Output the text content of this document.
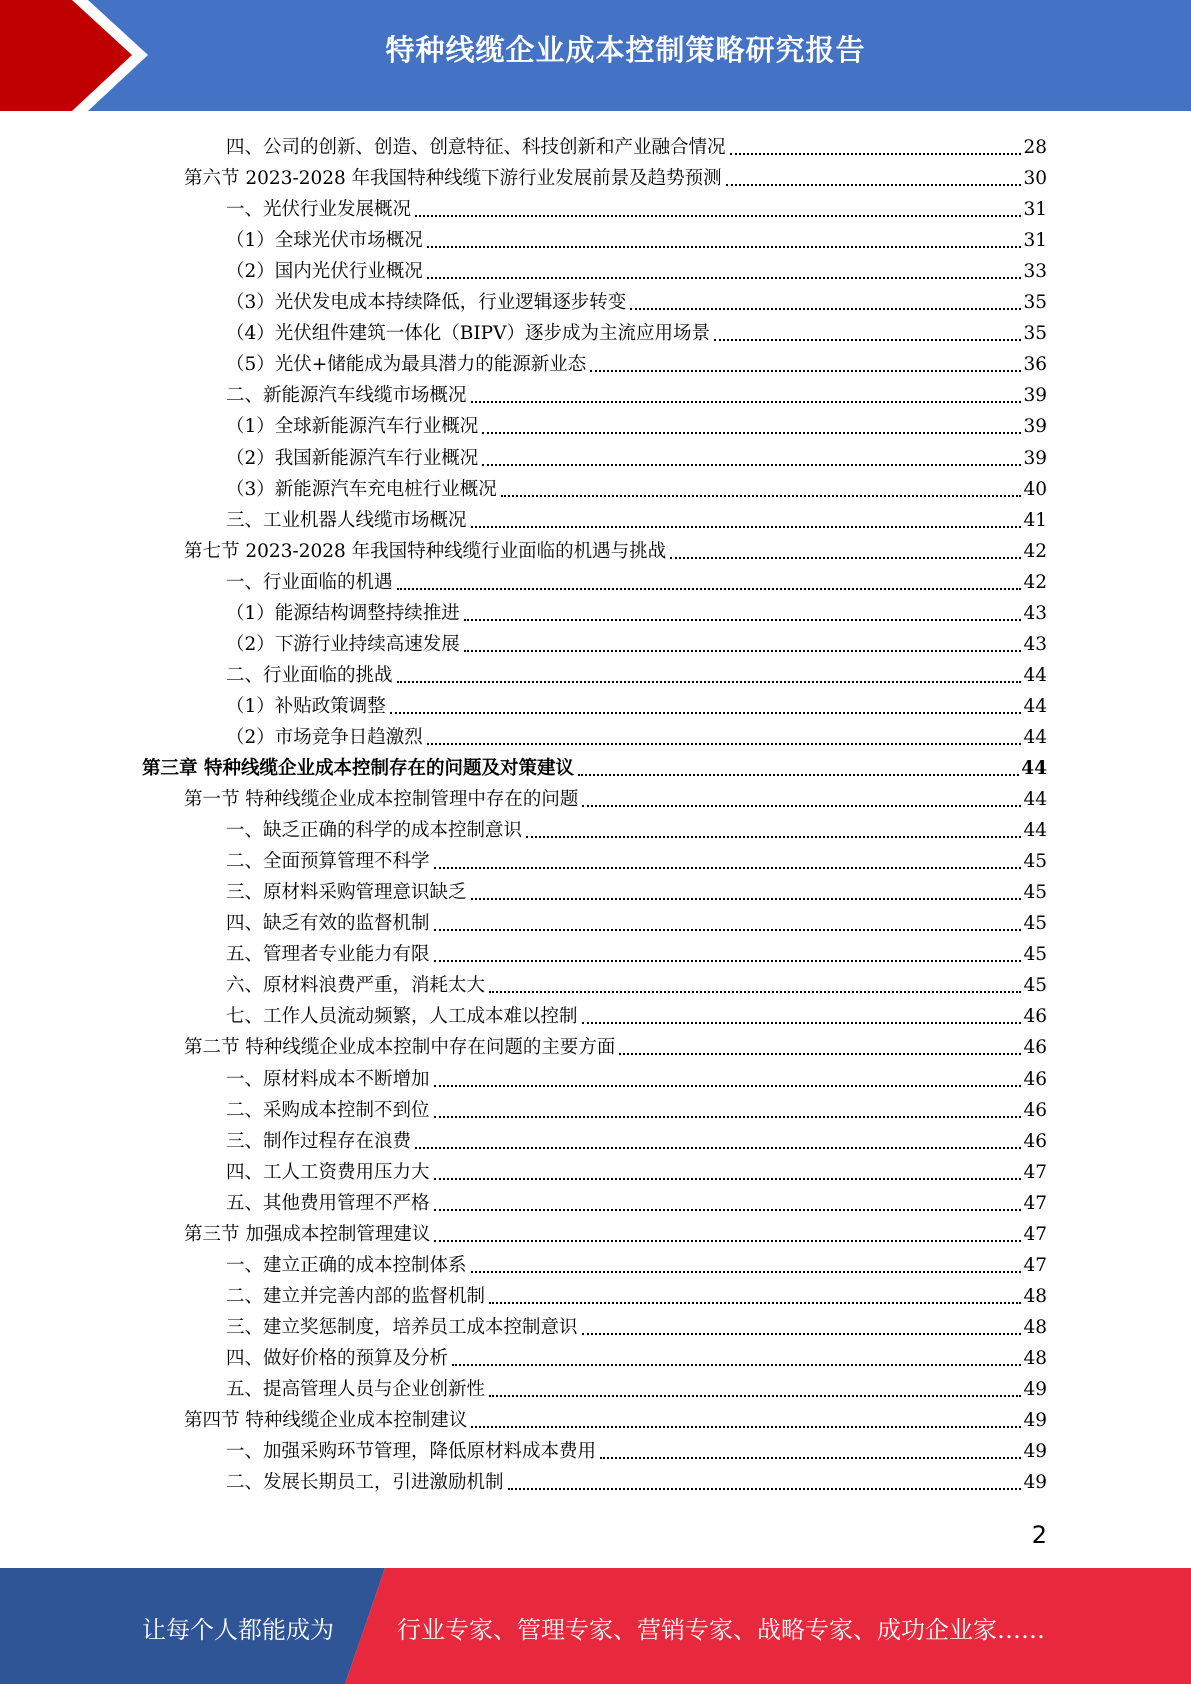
特种线缆企业成本控制策略研究报告
四、公司的创新、创造、创意特征、科技创新和产业融合情况	28
第六节 2023-2028 年我国特种线缆下游行业发展前景及趋势预测	30
一、光伏行业发展概况	31
（1）全球光伏市场概况	31
（2）国内光伏行业概况	33
（3）光伏发电成本持续降低，行业逻辑逐步转变	35
（4）光伏组件建筑一体化（BIPV）逐步成为主流应用场景	35
（5）光伏+储能成为最具潜力的能源新业态	36
二、新能源汽车线缆市场概况	39
（1）全球新能源汽车行业概况	39
（2）我国新能源汽车行业概况	39
（3）新能源汽车充电桩行业概况	40
三、工业机器人线缆市场概况	41
第七节 2023-2028 年我国特种线缆行业面临的机遇与挑战	42
一、行业面临的机遇	42
（1）能源结构调整持续推进	43
（2）下游行业持续高速发展	43
二、行业面临的挑战	44
（1）补贴政策调整	44
（2）市场竞争日趋激烈	44
第三章 特种线缆企业成本控制存在的问题及对策建议	44
第一节 特种线缆企业成本控制管理中存在的问题	44
一、缺乏正确的科学的成本控制意识	44
二、全面预算管理不科学	45
三、原材料采购管理意识缺乏	45
四、缺乏有效的监督机制	45
五、管理者专业能力有限	45
六、原材料浪费严重，消耗太大	45
七、工作人员流动频繁，人工成本难以控制	46
第二节 特种线缆企业成本控制中存在问题的主要方面	46
一、原材料成本不断增加	46
二、采购成本控制不到位	46
三、制作过程存在浪费	46
四、工人工资费用压力大	47
五、其他费用管理不严格	47
第三节 加强成本控制管理建议	47
一、建立正确的成本控制体系	47
二、建立并完善内部的监督机制	48
三、建立奖惩制度，培养员工成本控制意识	48
四、做好价格的预算及分析	48
五、提高管理人员与企业创新性	49
第四节 特种线缆企业成本控制建议	49
一、加强采购环节管理，降低原材料成本费用	49
二、发展长期员工，引进激励机制	49
2
让每个人都能成为	行业专家、管理专家、营销专家、战略专家、成功企业家……
